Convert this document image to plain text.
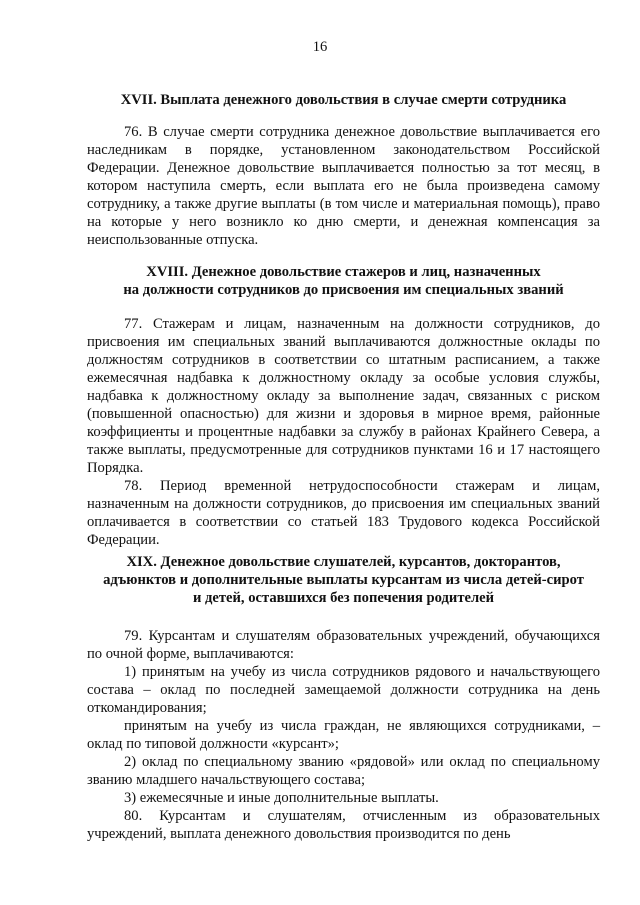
16

XVII. Выплата денежного довольствия в случае смерти сотрудника

76. В случае смерти сотрудника денежное довольствие выплачивается его наследникам в порядке, установленном законодательством Российской Федерации. Денежное довольствие выплачивается полностью за тот месяц, в котором наступила смерть, если выплата его не была произведена самому сотруднику, а также другие выплаты (в том числе и материальная помощь), право на которые у него возникло ко дню смерти, и денежная компенсация за неиспользованные отпуска.

XVIII. Денежное довольствие стажеров и лиц, назначенных

на должности сотрудников до присвоения им специальных званий

77. Стажерам и лицам, назначенным на должности сотрудников, до присвоения им специальных званий выплачиваются должностные оклады по должностям сотрудников в соответствии со штатным расписанием, а также ежемесячная надбавка к должностному окладу за особые условия службы, надбавка к должностному окладу за выполнение задач, связанных с риском (повышенной опасностью) для жизни и здоровья в мирное время, районные коэффициенты и процентные надбавки за службу в районах Крайнего Севера, а также выплаты, предусмотренные для сотрудников пунктами 16 и 17 настоящего Порядка.

78. Период временной нетрудоспособности стажерам и лицам, назначенным на должности сотрудников, до присвоения им специальных званий оплачивается в соответствии со статьей 183 Трудового кодекса Российской Федерации.

XIX. Денежное довольствие слушателей, курсантов, докторантов,

адъюнктов и дополнительные выплаты курсантам из числа детей-сирот

и детей, оставшихся без попечения родителей

79. Курсантам и слушателям образовательных учреждений, обучающихся по очной форме, выплачиваются:

1) принятым на учебу из числа сотрудников рядового и начальствующего состава – оклад по последней замещаемой должности сотрудника на день откомандирования;

принятым на учебу из числа граждан, не являющихся сотрудниками, – оклад по типовой должности «курсант»;

2) оклад по специальному званию «рядовой» или оклад по специальному званию младшего начальствующего состава;

3) ежемесячные и иные дополнительные выплаты.

80. Курсантам и слушателям, отчисленным из образовательных учреждений, выплата денежного довольствия производится по день
